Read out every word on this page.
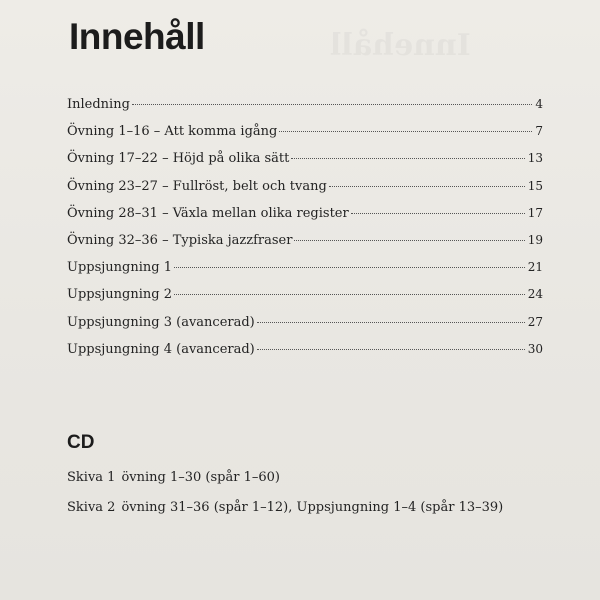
Innehåll
Inledning	4
Övning 1–16 – Att komma igång	7
Övning 17–22 – Höjd på olika sätt	13
Övning 23–27 – Fullröst, belt och tvang	15
Övning 28–31 – Växla mellan olika register	17
Övning 32–36 – Typiska jazzfraser	19
Uppsjungning 1	21
Uppsjungning 2	24
Uppsjungning 3 (avancerad)	27
Uppsjungning 4 (avancerad)	30
CD

Skiva 1 övning 1–30 (spår 1–60)

Skiva 2 övning 31–36 (spår 1–12), Uppsjungning 1–4 (spår 13–39)
